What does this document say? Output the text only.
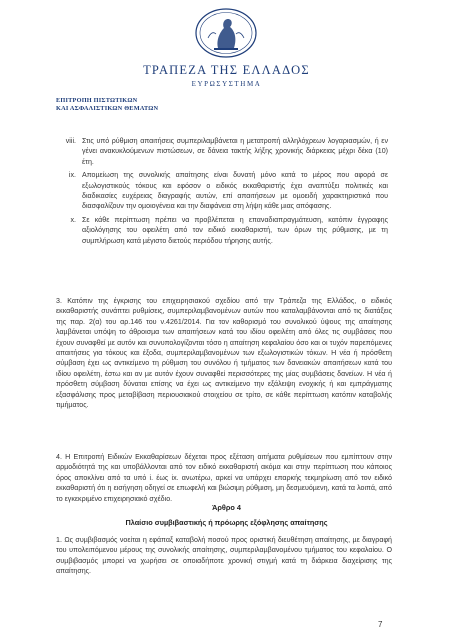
ΤΡΑΠΕΖΑ ΤΗΣ ΕΛΛΑΔΟΣ
ΕΥΡΩΣΥΣΤΗΜΑ
ΕΠΙΤΡΟΠΗ ΠΙΣΤΩΤΙΚΩΝ
ΚΑΙ ΑΣΦΑΛΙΣΤΙΚΩΝ ΘΕΜΑΤΩΝ
viii. Στις υπό ρύθμιση απαιτήσεις συμπεριλαμβάνεται η μετατροπή αλληλόχρεων λογαριασμών, ή εν γένει ανακυκλούμενων πιστώσεων, σε δάνεια τακτής λήξης χρονικής διάρκειας μέχρι δέκα (10) έτη.
ix. Αποµείωση της συνολικής απαίτησης είναι δυνατή µόνο κατά το µέρος που αφορά σε εξωλογιστικούς τόκους και εφόσον ο ειδικός εκκαθαριστής έχει αναπτύξει πολιτικές και διαδικασίες ευχέρειας διαγραφής αυτών, επί απαιτήσεων µε οµοειδή χαρακτηριστικά που διασφαλίζουν την οµοιογένεια και την διαφάνεια στη λήψη κάθε µιας απόφασης.
x. Σε κάθε περίπτωση πρέπει να προβλέπεται η επαναδιαπραγµάτευση, κατόπιν έγγραφης αξιολόγησης του οφειλέτη από τον ειδικό εκκαθαριστή, των όρων της ρύθµισης, µε τη συµπλήρωση κατά µέγιστο διετούς περιόδου τήρησης αυτής.
3. Κατόπιν της έγκρισης του επιχειρησιακού σχεδίου από την Τράπεζα της Ελλάδος, ο ειδικός εκκαθαριστής συνάπτει ρυθµίσεις, συµπεριλαµβανοµένων αυτών που καταλαµβάνονται από τις διατάξεις της παρ. 2(α) του αρ.146 του ν.4261/2014. Για τον καθορισµό του συνολικού ύψους της απαίτησης λαµβάνεται υπόψη το άθροισµα των απαιτήσεων κατά του ιδίου οφειλέτη από όλες τις συµβάσεις που έχουν συναφθεί µε αυτόν και συνυπολογίζονται τόσο η απαίτηση κεφαλαίου όσο και οι τυχόν παρεπόµενες απαιτήσεις για τόκους και έξοδα, συµπεριλαµβανοµένων των εξωλογιστικών τόκων. Η νέα ή πρόσθετη σύµβαση έχει ως αντικείµενο τη ρύθµιση του συνόλου ή τµήµατος των δανειακών απαιτήσεων κατά του ιδίου οφειλέτη, έστω και αν µε αυτόν έχουν συναφθεί περισσότερες της µίας συµβάσεις δανείων. Η νέα ή πρόσθετη σύµβαση δύναται επίσης να έχει ως αντικείµενο την εξάλειψη ενοχικής ή και εµπράγµατης εξασφάλισης προς µεταβίβαση περιουσιακού στοιχείου σε τρίτο, σε κάθε περίπτωση κατόπιν καταβολής τιµήµατος.
4. Η Επιτροπή Ειδικών Εκκαθαρίσεων δέχεται προς εξέταση αιτήµατα ρυθµίσεων που εµπίπτουν στην αρµοδιότητά της και υποβάλλονται από τον ειδικό εκκαθαριστή ακόµα και στην περίπτωση που κάποιος όρος αποκλίνει από τα υπό i. έως ix. ανωτέρω, αρκεί να υπάρχει επαρκής τεκµηρίωση από τον ειδικό εκκαθαριστή ότι η εισήγηση οδηγεί σε επωφελή και βιώσιµη ρύθµιση, µη δεσµευόµενη, κατά τα λοιπά, από το εγκεκριµένο επιχειρησιακό σχέδιο.
Άρθρο 4
Πλαίσιο συµβιβαστικής ή πρόωρης εξόφλησης απαίτησης
1. Ως συµβιβασµός νοείται η εφάπαξ καταβολή ποσού προς οριστική διευθέτηση απαίτησης, µε διαγραφή του υπολειπόµενου µέρους της συνολικής απαίτησης, συµπεριλαµβανοµένου τµήµατος του κεφαλαίου. Ο συµβιβασµός µπορεί να χωρήσει σε οποιαδήποτε χρονική στιγµή κατά τη διάρκεια διαχείρισης της απαίτησης.
7
